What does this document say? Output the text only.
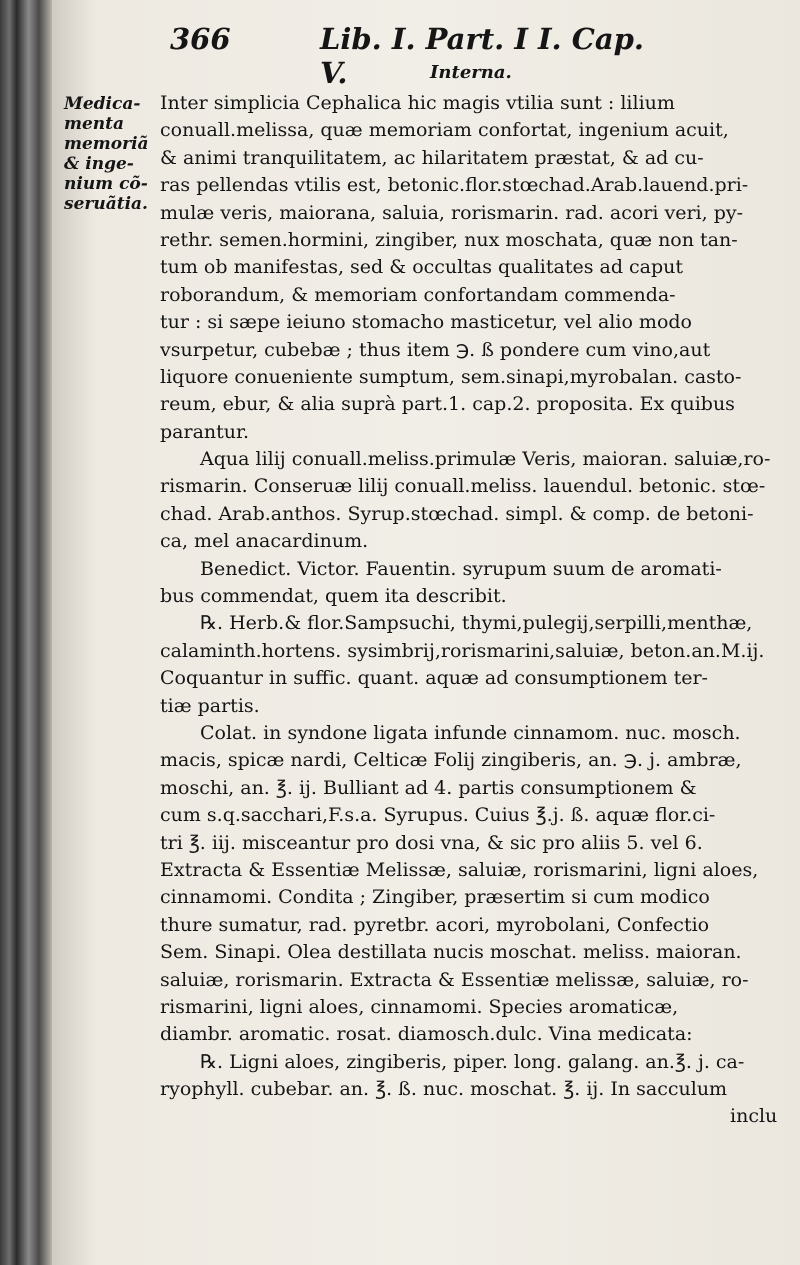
366	Lib. I. Part. I I. Cap. V.	Interna.
Medica-
menta
memoriã
& inge-
nium cõ-
seruãtia.
Inter simplicia Cephalica hic magis vtilia sunt : lilium
conuall.melissa, quæ memoriam confortat, ingenium acuit,
& animi tranquilitatem, ac hilaritatem præstat, & ad cu-
ras pellendas vtilis est, betonic.flor.stœchad.Arab.lauend.pri-
mulæ veris, maiorana, saluia, rorismarin. rad. acori veri, py-
rethr. semen.hormini, zingiber, nux moschata, quæ non tan-
tum ob manifestas, sed & occultas qualitates ad caput
roborandum, & memoriam confortandam commenda-
tur : si sæpe ieiuno stomacho masticetur, vel alio modo
vsurpetur, cubebæ ; thus item ℈. ß pondere cum vino,aut
liquore conueniente sumptum, sem.sinapi,myrobalan. casto-
reum, ebur, & alia suprà part.1. cap.2. proposita. Ex quibus
parantur.
Aqua lilij conuall.meliss.primulæ Veris, maioran. saluiæ,ro-
rismarin. Conseruæ lilij conuall.meliss. lauendul. betonic. stœ-
chad. Arab.anthos. Syrup.stœchad. simpl. & comp. de betoni-
ca, mel anacardinum.
Benedict. Victor. Fauentin. syrupum suum de aromati-
bus commendat, quem ita describit.
℞. Herb.& flor.Sampsuchi, thymi,pulegij,serpilli,menthæ,
calaminth.hortens. sysimbrij,rorismarini,saluiæ, beton.an.M.ij.
Coquantur in suffic. quant. aquæ ad consumptionem ter-
tiæ partis.
Colat. in syndone ligata infunde cinnamom. nuc. mosch.
macis, spicæ nardi, Celticæ Folij zingiberis, an. ℈. j. ambræ,
moschi, an. ℥. ij. Bulliant ad 4. partis consumptionem &
cum s.q.sacchari,F.s.a. Syrupus. Cuius ℥.j. ß. aquæ flor.ci-
tri ℥. iij. misceantur pro dosi vna, & sic pro aliis 5. vel 6.
Extracta & Essentiæ Melissæ, saluiæ, rorismarini, ligni aloes,
cinnamomi. Condita ; Zingiber, præsertim si cum modico
thure sumatur, rad. pyretbr. acori, myrobolani, Confectio
Sem. Sinapi. Olea destillata nucis moschat. meliss. maioran.
saluiæ, rorismarin. Extracta & Essentiæ melissæ, saluiæ, ro-
rismarini, ligni aloes, cinnamomi. Species aromaticæ,
diambr. aromatic. rosat. diamosch.dulc. Vina medicata:
℞. Ligni aloes, zingiberis, piper. long. galang. an.℥. j. ca-
ryophyll. cubebar. an. ℥. ß. nuc. moschat. ℥. ij. In sacculum
inclu
